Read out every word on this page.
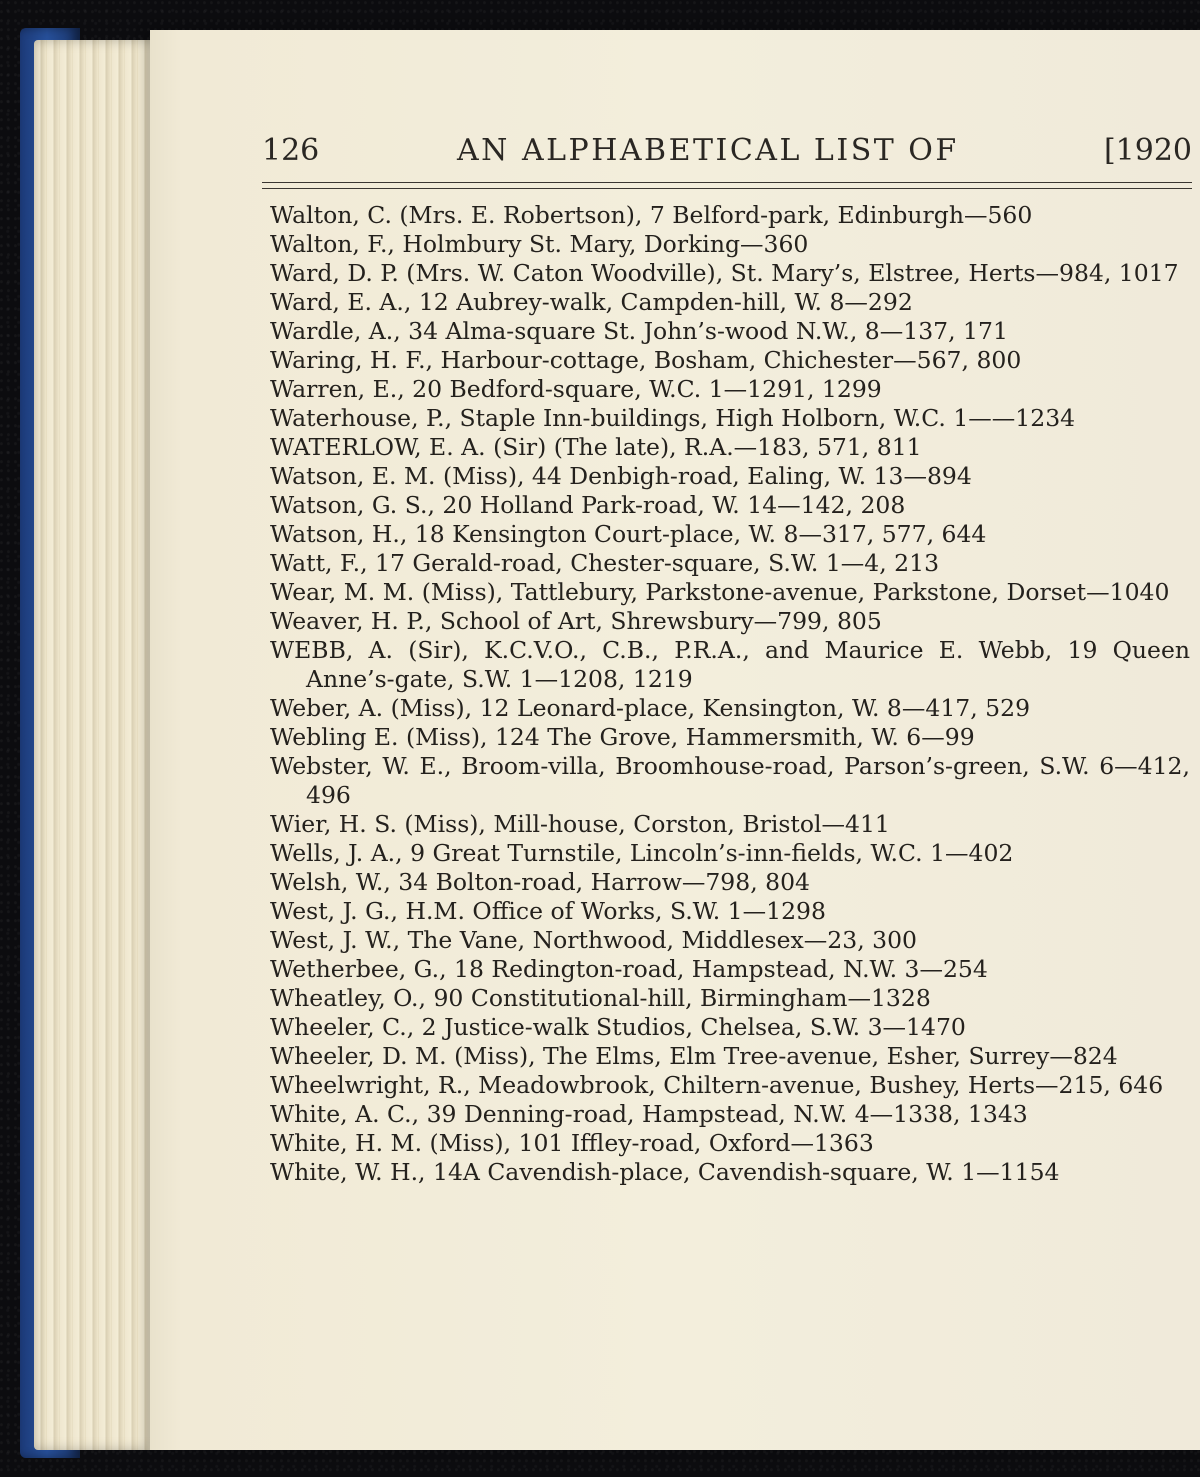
126	AN ALPHABETICAL LIST OF	[1920
Walton, C. (Mrs. E. Robertson), 7 Belford-park, Edinburgh—560
Walton, F., Holmbury St. Mary, Dorking—360
Ward, D. P. (Mrs. W. Caton Woodville), St. Mary’s, Elstree, Herts—984, 1017
Ward, E. A., 12 Aubrey-walk, Campden-hill, W. 8—292
Wardle, A., 34 Alma-square St. John’s-wood N.W., 8—137, 171
Waring, H. F., Harbour-cottage, Bosham, Chichester—567, 800
Warren, E., 20 Bedford-square, W.C. 1—1291, 1299
Waterhouse, P., Staple Inn-buildings, High Holborn, W.C. 1——1234
WATERLOW, E. A. (Sir) (The late), R.A.—183, 571, 811
Watson, E. M. (Miss), 44 Denbigh-road, Ealing, W. 13—894
Watson, G. S., 20 Holland Park-road, W. 14—142, 208
Watson, H., 18 Kensington Court-place, W. 8—317, 577, 644
Watt, F., 17 Gerald-road, Chester-square, S.W. 1—4, 213
Wear, M. M. (Miss), Tattlebury, Parkstone-avenue, Parkstone, Dorset—1040
Weaver, H. P., School of Art, Shrewsbury—799, 805
WEBB, A. (Sir), K.C.V.O., C.B., P.R.A., and Maurice E. Webb, 19 Queen Anne’s-gate, S.W. 1—1208, 1219
Weber, A. (Miss), 12 Leonard-place, Kensington, W. 8—417, 529
Webling E. (Miss), 124 The Grove, Hammersmith, W. 6—99
Webster, W. E., Broom-villa, Broomhouse-road, Parson’s-green, S.W. 6—412, 496
Wier, H. S. (Miss), Mill-house, Corston, Bristol—411
Wells, J. A., 9 Great Turnstile, Lincoln’s-inn-fields, W.C. 1—402
Welsh, W., 34 Bolton-road, Harrow—798, 804
West, J. G., H.M. Office of Works, S.W. 1—1298
West, J. W., The Vane, Northwood, Middlesex—23, 300
Wetherbee, G., 18 Redington-road, Hampstead, N.W. 3—254
Wheatley, O., 90 Constitutional-hill, Birmingham—1328
Wheeler, C., 2 Justice-walk Studios, Chelsea, S.W. 3—1470
Wheeler, D. M. (Miss), The Elms, Elm Tree-avenue, Esher, Surrey—824
Wheelwright, R., Meadowbrook, Chiltern-avenue, Bushey, Herts—215, 646
White, A. C., 39 Denning-road, Hampstead, N.W. 4—1338, 1343
White, H. M. (Miss), 101 Iffley-road, Oxford—1363
White, W. H., 14A Cavendish-place, Cavendish-square, W. 1—1154
